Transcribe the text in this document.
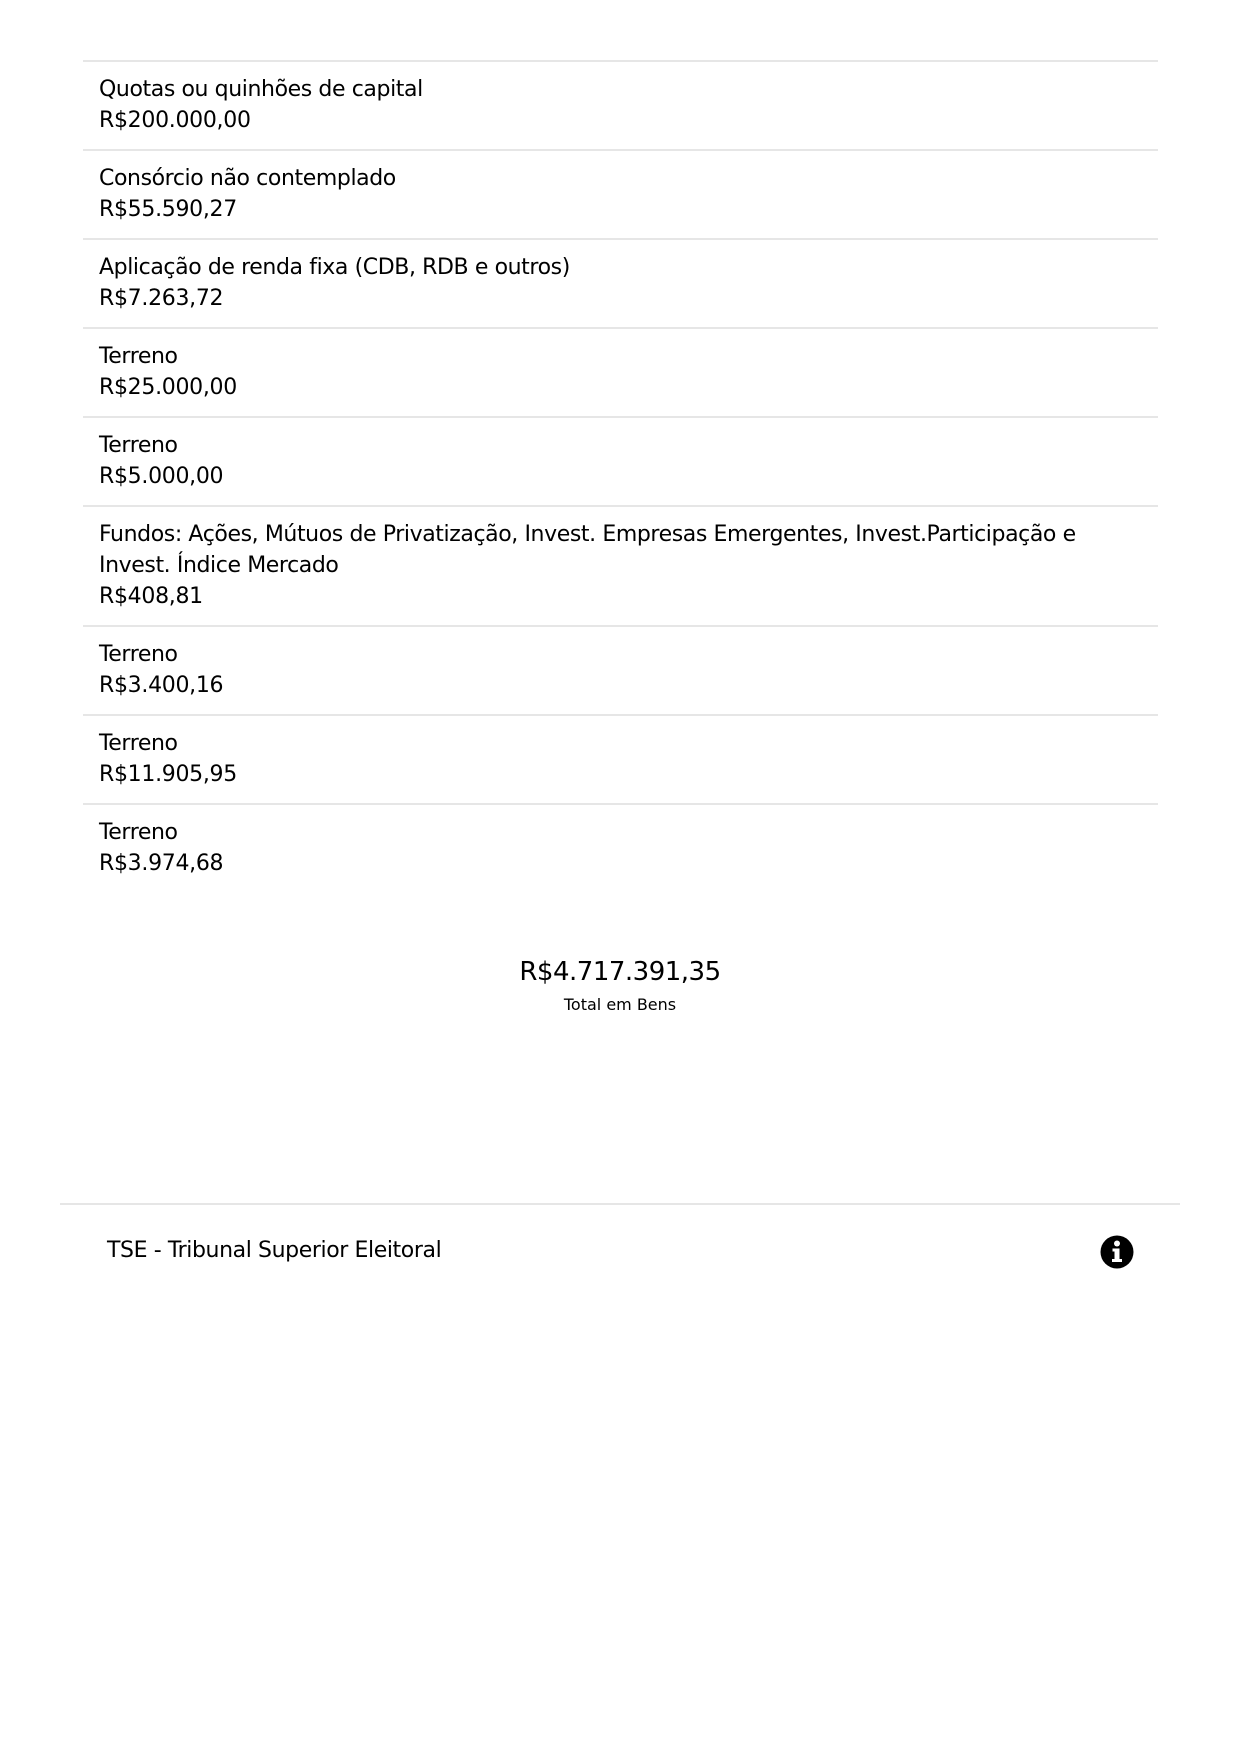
Quotas ou quinhões de capital
R$200.000,00
Consórcio não contemplado
R$55.590,27
Aplicação de renda fixa (CDB, RDB e outros)
R$7.263,72
Terreno
R$25.000,00
Terreno
R$5.000,00
Fundos: Ações, Mútuos de Privatização, Invest. Empresas Emergentes, Invest.Participação e Invest. Índice Mercado
R$408,81
Terreno
R$3.400,16
Terreno
R$11.905,95
Terreno
R$3.974,68
R$4.717.391,35
Total em Bens
TSE - Tribunal Superior Eleitoral
